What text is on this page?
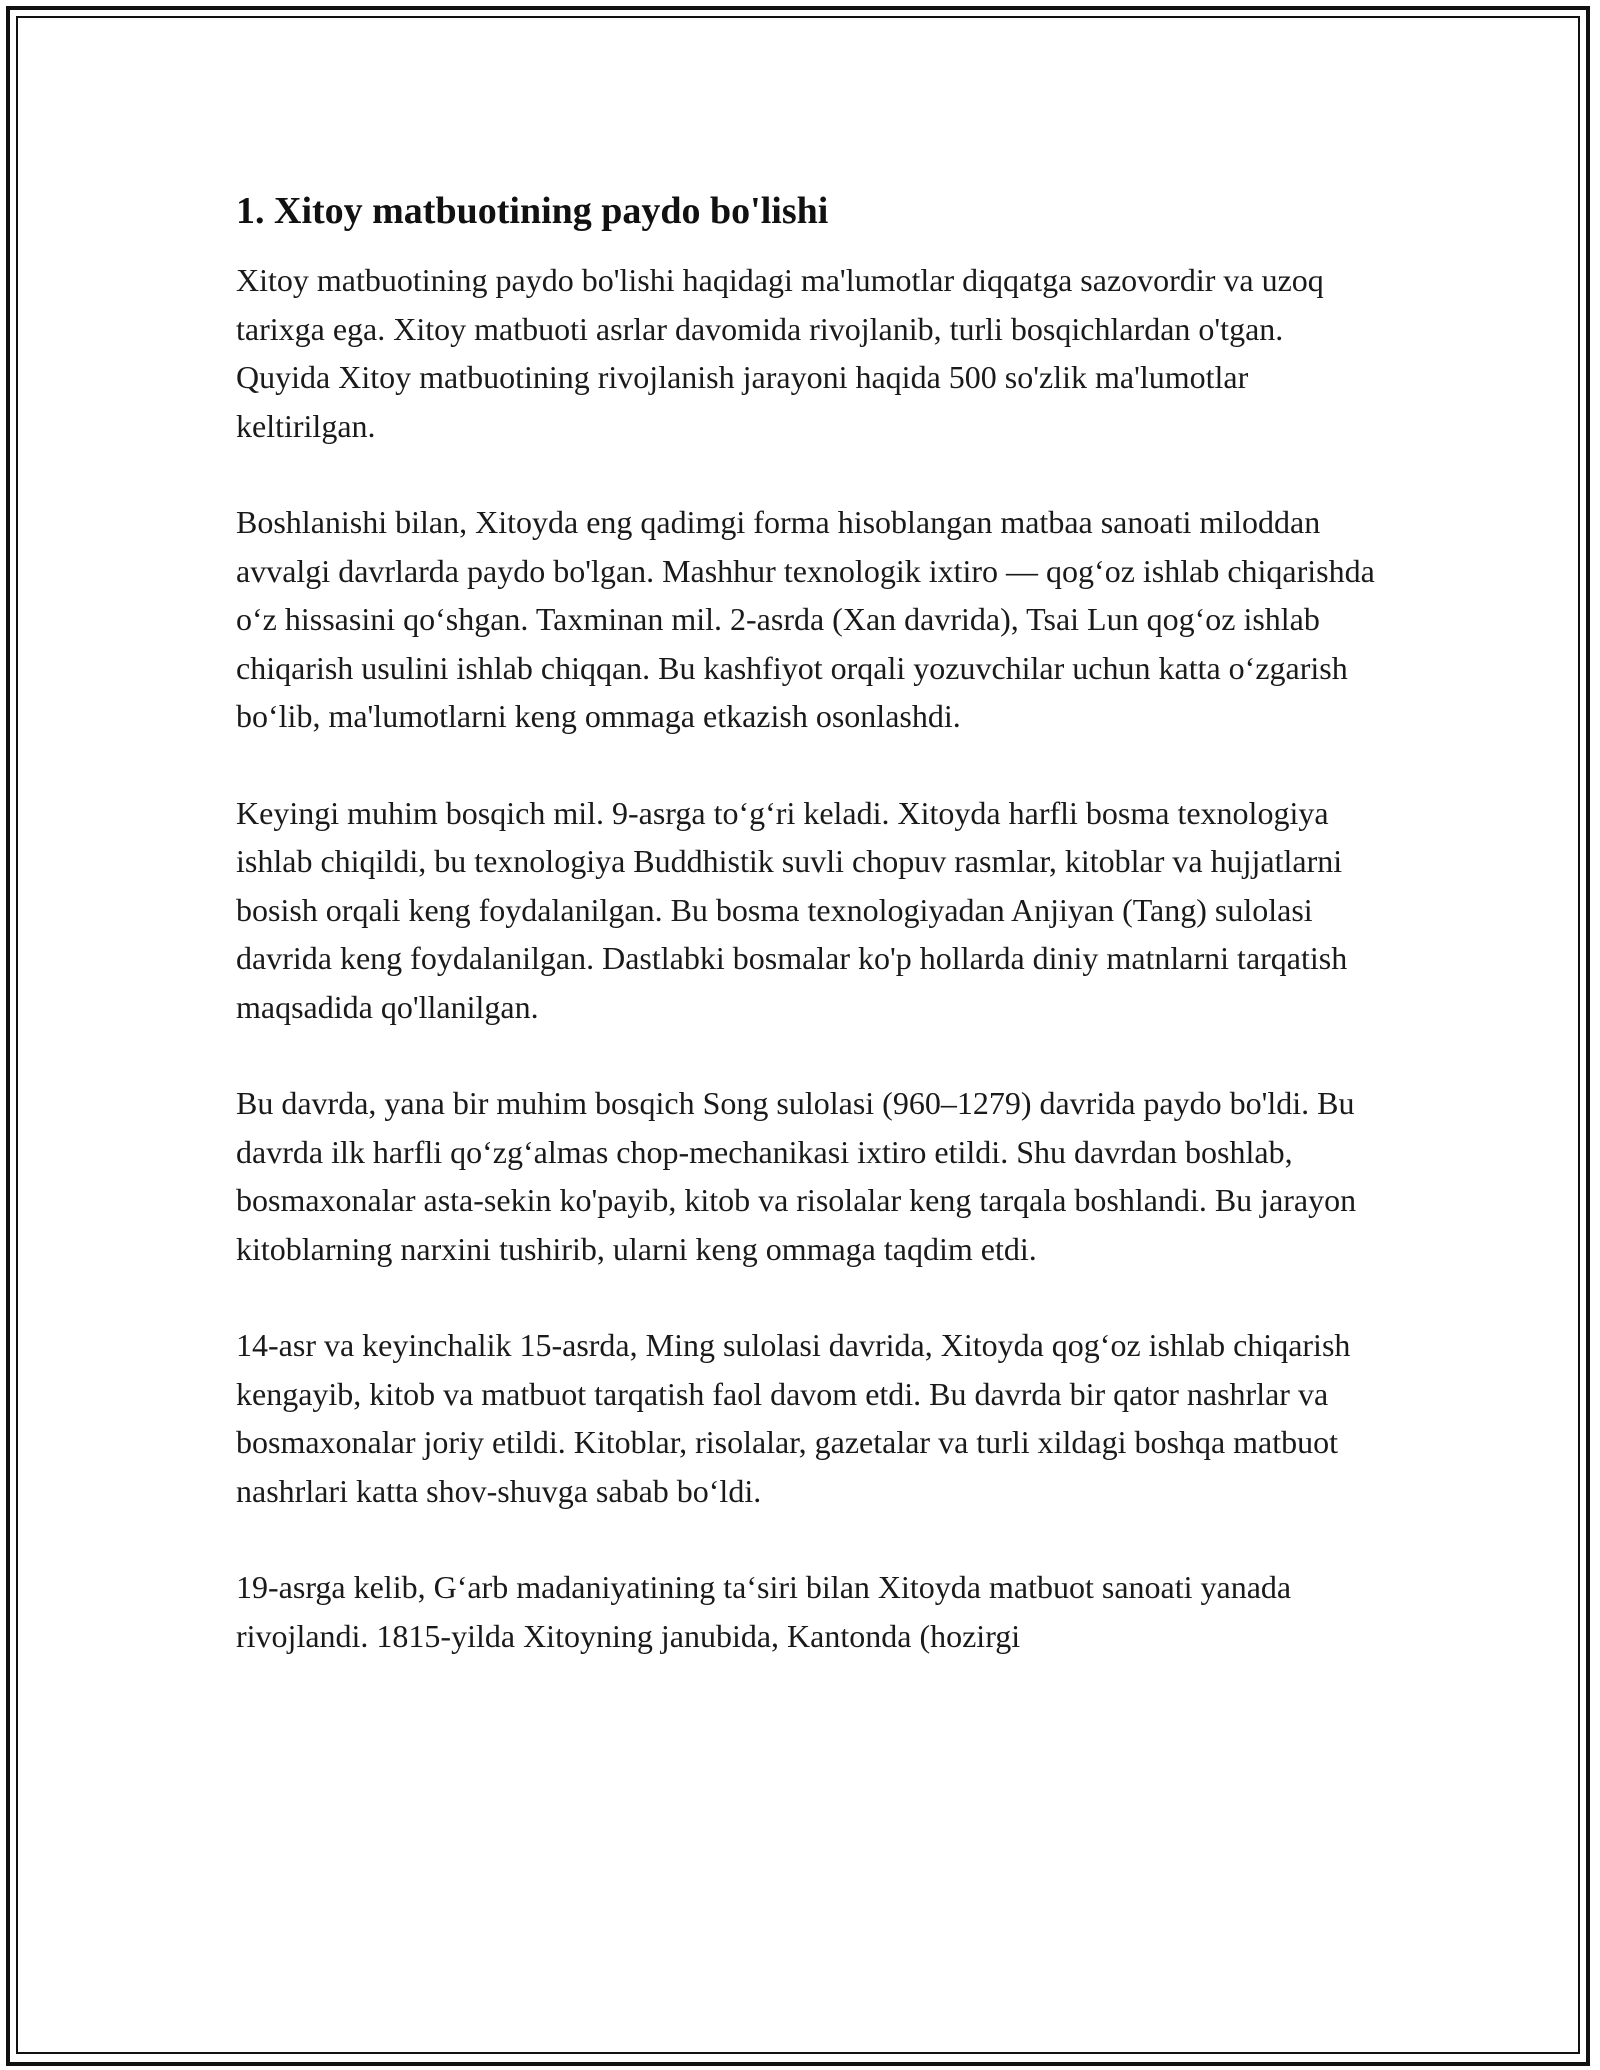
1. Xitoy matbuotining paydo bo'lishi

Xitoy matbuotining paydo bo'lishi haqidagi ma'lumotlar diqqatga sazovordir va uzoq tarixga ega. Xitoy matbuoti asrlar davomida rivojlanib, turli bosqichlardan o'tgan. Quyida Xitoy matbuotining rivojlanish jarayoni haqida 500 so'zlik ma'lumotlar keltirilgan.

Boshlanishi bilan, Xitoyda eng qadimgi forma hisoblangan matbaa sanoati miloddan avvalgi davrlarda paydo bo'lgan. Mashhur texnologik ixtiro — qog‘oz ishlab chiqarishda o‘z hissasini qo‘shgan. Taxminan mil. 2-asrda (Xan davrida), Tsai Lun qog‘oz ishlab chiqarish usulini ishlab chiqqan. Bu kashfiyot orqali yozuvchilar uchun katta o‘zgarish bo‘lib, ma'lumotlarni keng ommaga etkazish osonlashdi.

Keyingi muhim bosqich mil. 9-asrga to‘g‘ri keladi. Xitoyda harfli bosma texnologiya ishlab chiqildi, bu texnologiya Buddhistik suvli chopuv rasmlar, kitoblar va hujjatlarni bosish orqali keng foydalanilgan. Bu bosma texnologiyadan Anjiyan (Tang) sulolasi davrida keng foydalanilgan. Dastlabki bosmalar ko'p hollarda diniy matnlarni tarqatish maqsadida qo'llanilgan.

Bu davrda, yana bir muhim bosqich Song sulolasi (960–1279) davrida paydo bo'ldi. Bu davrda ilk harfli qo‘zg‘almas chop-mechanikasi ixtiro etildi. Shu davrdan boshlab, bosmaxonalar asta-sekin ko'payib, kitob va risolalar keng tarqala boshlandi. Bu jarayon kitoblarning narxini tushirib, ularni keng ommaga taqdim etdi.

14-asr va keyinchalik 15-asrda, Ming sulolasi davrida, Xitoyda qog‘oz ishlab chiqarish kengayib, kitob va matbuot tarqatish faol davom etdi. Bu davrda bir qator nashrlar va bosmaxonalar joriy etildi. Kitoblar, risolalar, gazetalar va turli xildagi boshqa matbuot nashrlari katta shov-shuvga sabab bo‘ldi.

19-asrga kelib, G‘arb madaniyatining ta‘siri bilan Xitoyda matbuot sanoati yanada rivojlandi. 1815-yilda Xitoyning janubida, Kantonda (hozirgi
